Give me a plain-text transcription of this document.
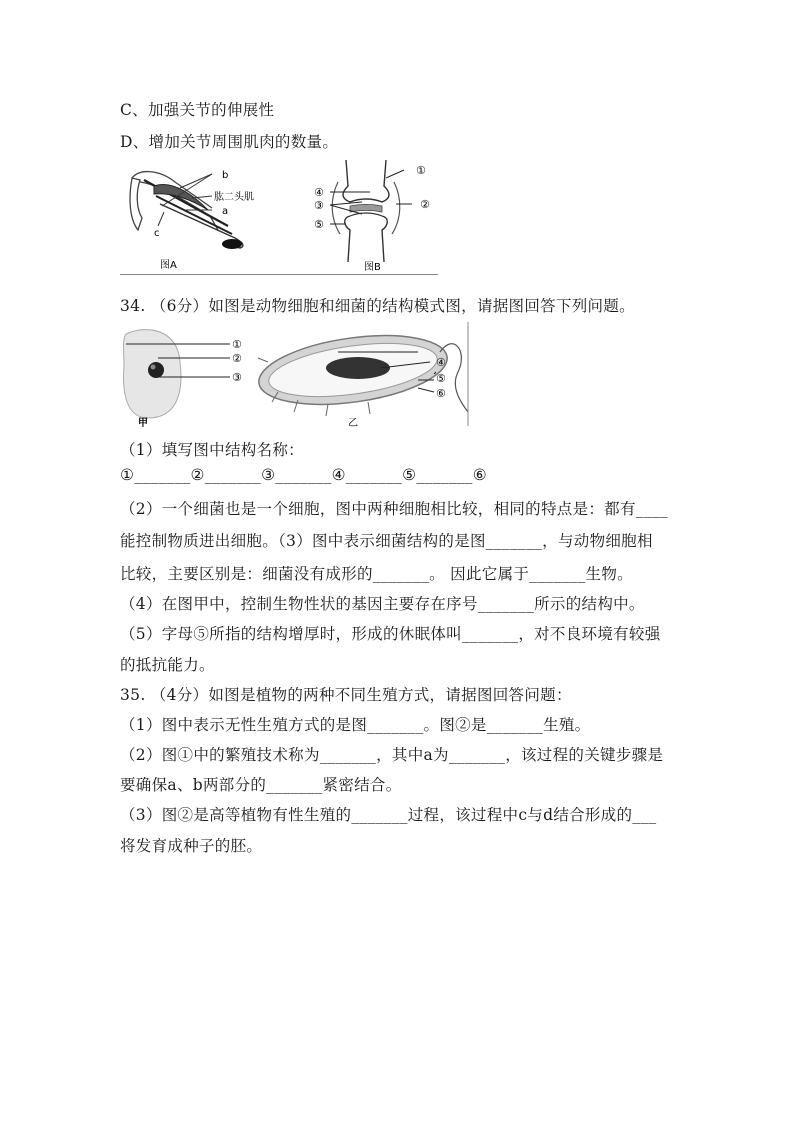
C、加强关节的伸展性
D、增加关节周围肌肉的数量。
b
肱二头肌
a
c
图A
④
③
⑤
①
②
图B
34. （6分）如图是动物细胞和细菌的结构模式图，请据图回答下列问题。
①
②
③
④
⑤
⑥
甲	乙
（1）填写图中结构名称：
①_______②_______③_______④_______⑤_______⑥
（2）一个细菌也是一个细胞，图中两种细胞相比较，相同的特点是：都有____
能控制物质进出细胞。（3）图中表示细菌结构的是图_______，与动物细胞相
比较，主要区别是：细菌没有成形的_______。 因此它属于_______生物。
（4）在图甲中，控制生物性状的基因主要存在序号_______所示的结构中。
（5）字母⑤所指的结构增厚时，形成的休眠体叫_______，对不良环境有较强
的抵抗能力。
35. （4分）如图是植物的两种不同生殖方式，请据图回答问题：
（1）图中表示无性生殖方式的是图_______。图②是_______生殖。
（2）图①中的繁殖技术称为_______，其中a为_______，该过程的关键步骤是
要确保a、b两部分的_______紧密结合。
（3）图②是高等植物有性生殖的_______过程，该过程中c与d结合形成的___
将发育成种子的胚。
